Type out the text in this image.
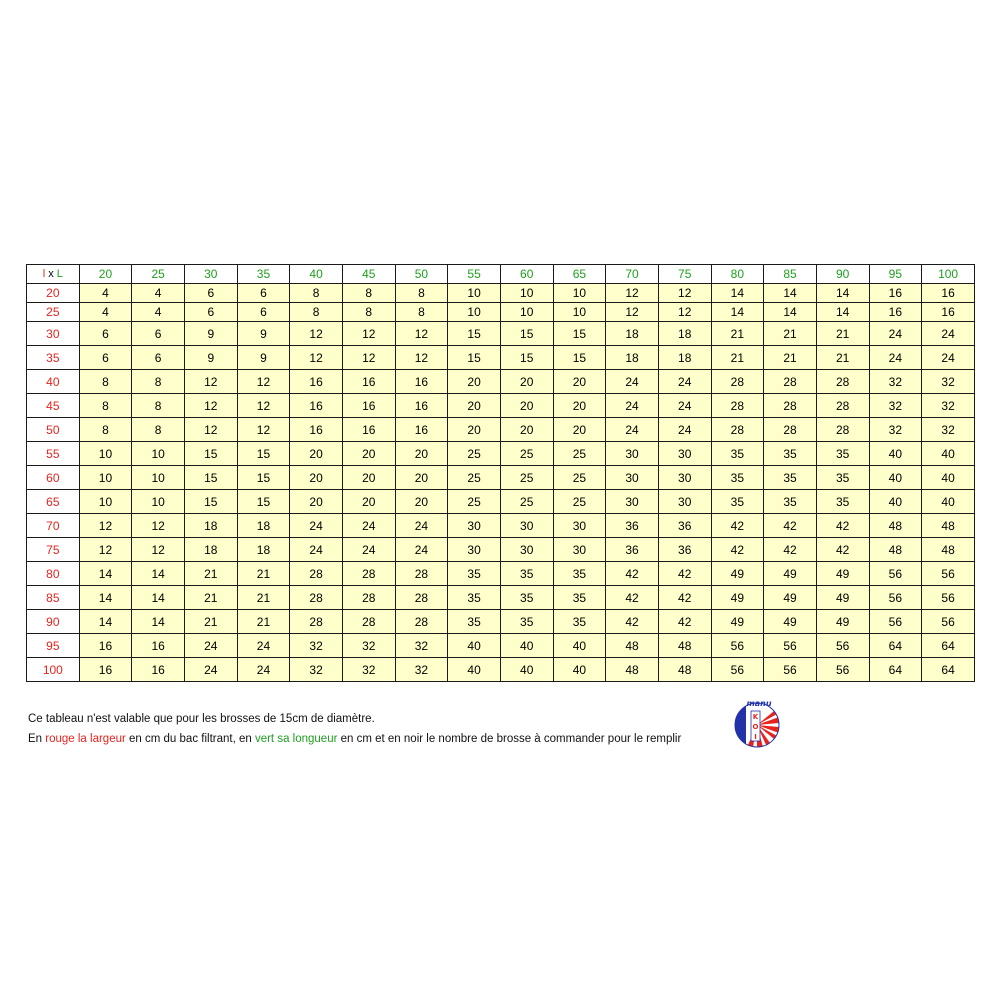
l x L	20	25	30	35	40	45	50	55	60	65	70	75	80	85	90	95	100
20	4	4	6	6	8	8	8	10	10	10	12	12	14	14	14	16	16
25	4	4	6	6	8	8	8	10	10	10	12	12	14	14	14	16	16
30	6	6	9	9	12	12	12	15	15	15	18	18	21	21	21	24	24
35	6	6	9	9	12	12	12	15	15	15	18	18	21	21	21	24	24
40	8	8	12	12	16	16	16	20	20	20	24	24	28	28	28	32	32
45	8	8	12	12	16	16	16	20	20	20	24	24	28	28	28	32	32
50	8	8	12	12	16	16	16	20	20	20	24	24	28	28	28	32	32
55	10	10	15	15	20	20	20	25	25	25	30	30	35	35	35	40	40
60	10	10	15	15	20	20	20	25	25	25	30	30	35	35	35	40	40
65	10	10	15	15	20	20	20	25	25	25	30	30	35	35	35	40	40
70	12	12	18	18	24	24	24	30	30	30	36	36	42	42	42	48	48
75	12	12	18	18	24	24	24	30	30	30	36	36	42	42	42	48	48
80	14	14	21	21	28	28	28	35	35	35	42	42	49	49	49	56	56
85	14	14	21	21	28	28	28	35	35	35	42	42	49	49	49	56	56
90	14	14	21	21	28	28	28	35	35	35	42	42	49	49	49	56	56
95	16	16	24	24	32	32	32	40	40	40	48	48	56	56	56	64	64
100	16	16	24	24	32	32	32	40	40	40	48	48	56	56	56	64	64
Ce tableau n'est valable que pour les brosses de 15cm de diamètre.
En rouge la largeur en cm du bac filtrant, en vert sa longueur en cm et en noir le nombre de brosse à commander pour le remplir
K
O
I
manu
